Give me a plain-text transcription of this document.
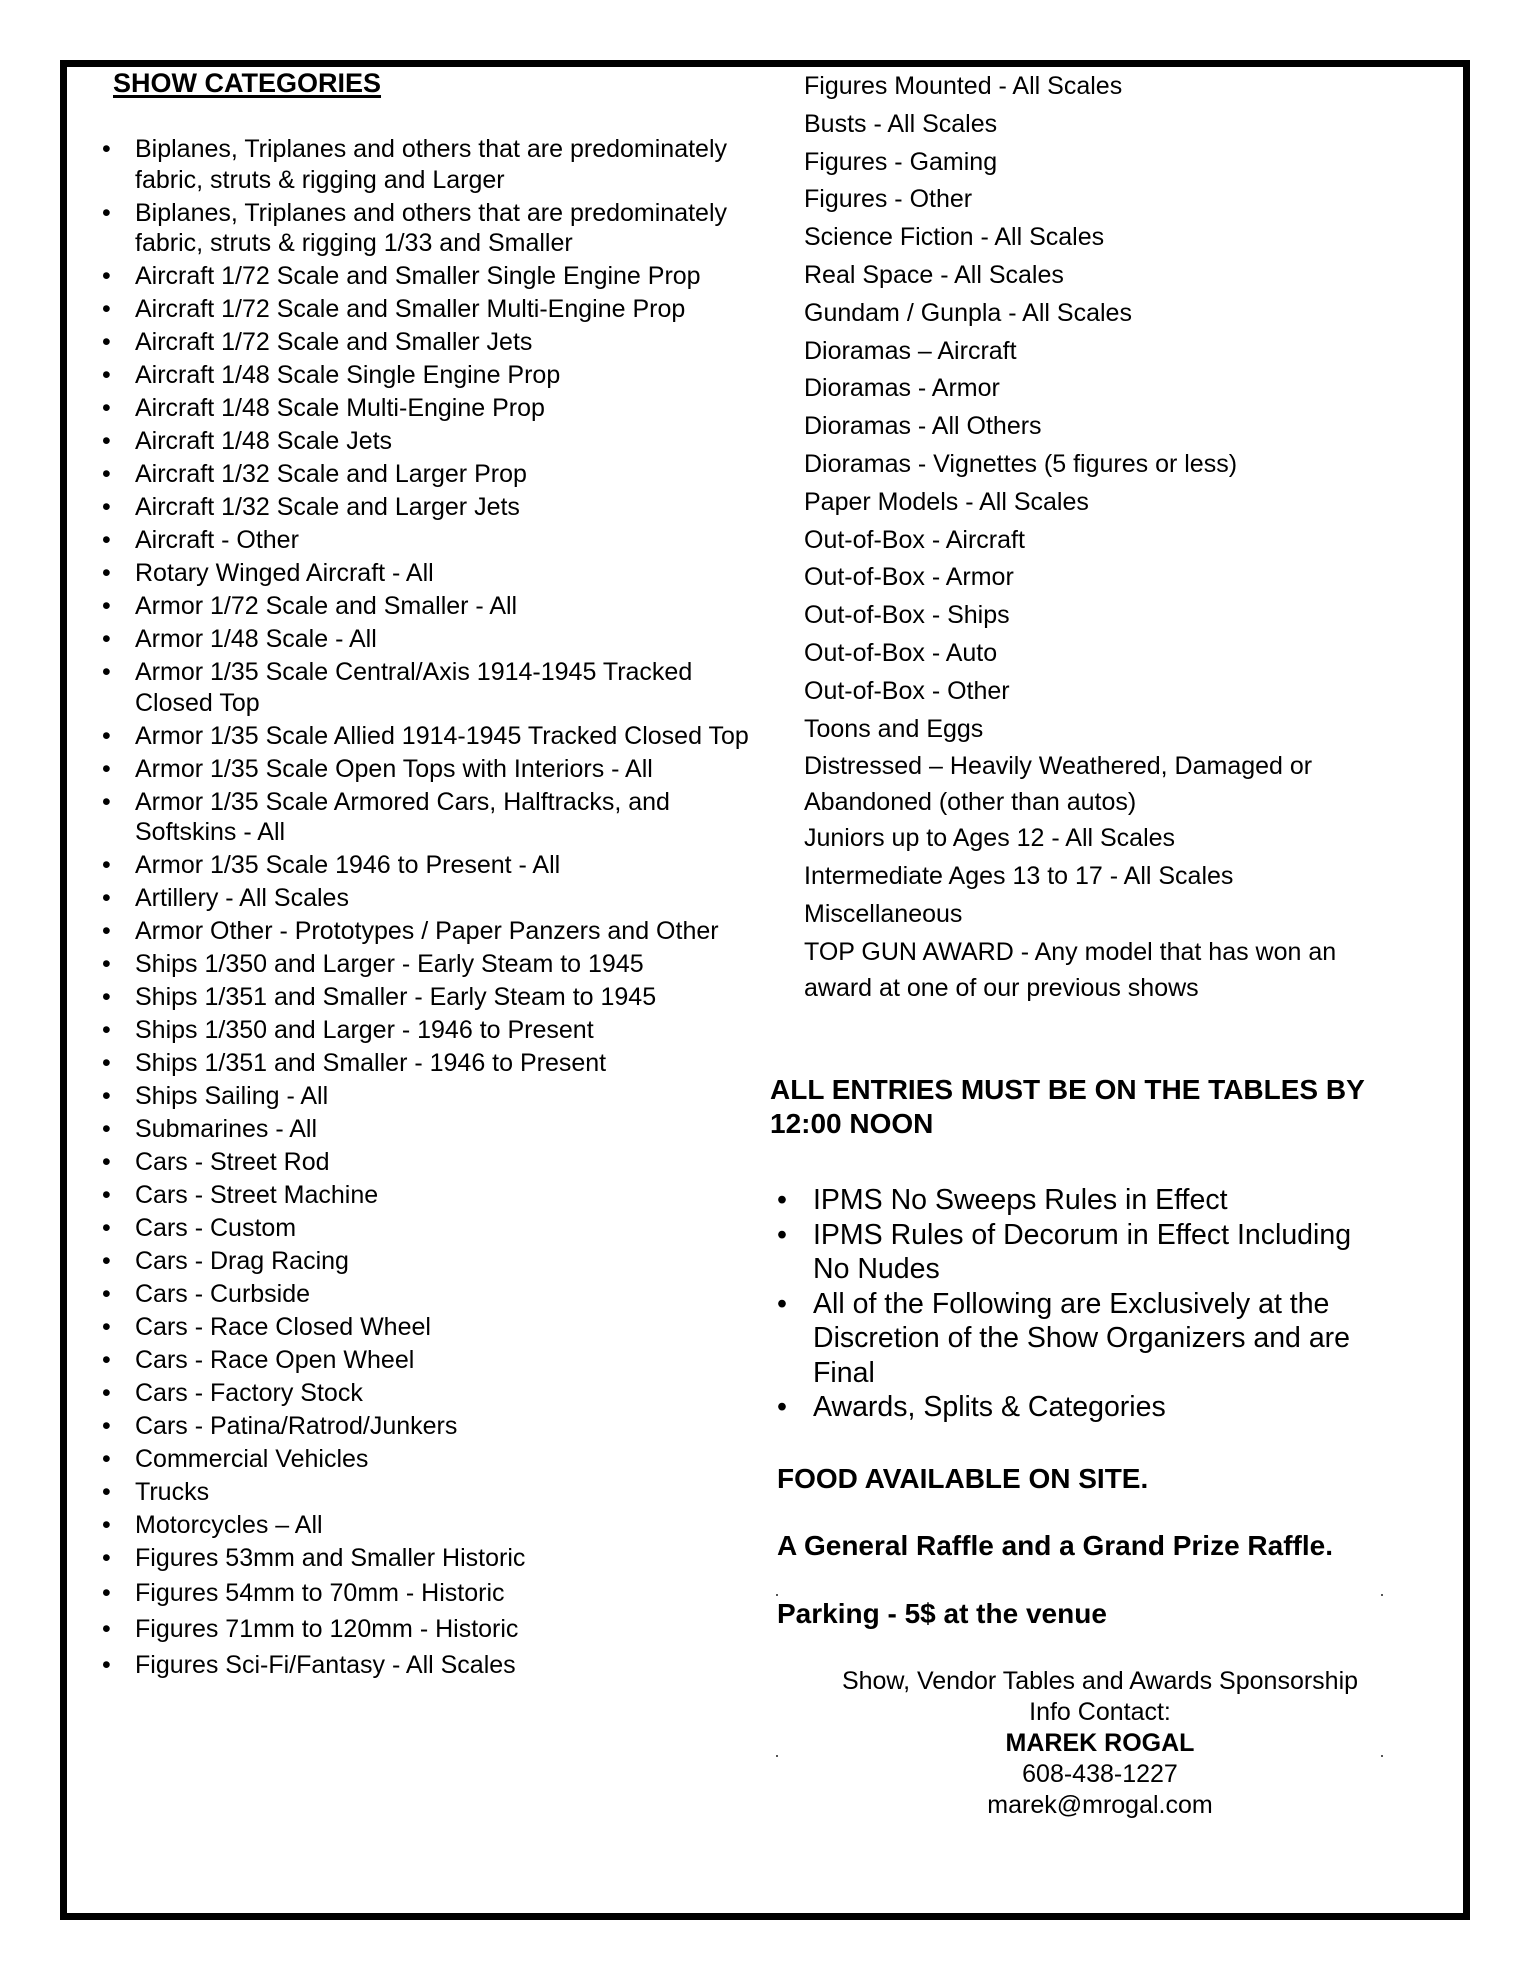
SHOW CATEGORIES
• Biplanes, Triplanes and others that are predominately fabric, struts & rigging and Larger
• Biplanes, Triplanes and others that are predominately fabric, struts & rigging 1/33 and Smaller
• Aircraft 1/72 Scale and Smaller Single Engine Prop
• Aircraft 1/72 Scale and Smaller Multi-Engine Prop
• Aircraft 1/72 Scale and Smaller Jets
• Aircraft 1/48 Scale Single Engine Prop
• Aircraft 1/48 Scale Multi-Engine Prop
• Aircraft 1/48 Scale Jets
• Aircraft 1/32 Scale and Larger Prop
• Aircraft 1/32 Scale and Larger Jets
• Aircraft - Other
• Rotary Winged Aircraft - All
• Armor 1/72 Scale and Smaller - All
• Armor 1/48 Scale - All
• Armor 1/35 Scale Central/Axis 1914-1945 Tracked Closed Top
• Armor 1/35 Scale Allied 1914-1945 Tracked Closed Top
• Armor 1/35 Scale Open Tops with Interiors - All
• Armor 1/35 Scale Armored Cars, Halftracks, and Softskins - All
• Armor 1/35 Scale 1946 to Present - All
• Artillery - All Scales
• Armor Other - Prototypes / Paper Panzers and Other
• Ships 1/350 and Larger - Early Steam to 1945
• Ships 1/351 and Smaller - Early Steam to 1945
• Ships 1/350 and Larger - 1946 to Present
• Ships 1/351 and Smaller - 1946 to Present
• Ships Sailing - All
• Submarines - All
• Cars - Street Rod
• Cars - Street Machine
• Cars - Custom
• Cars - Drag Racing
• Cars - Curbside
• Cars - Race Closed Wheel
• Cars - Race Open Wheel
• Cars - Factory Stock
• Cars - Patina/Ratrod/Junkers
• Commercial Vehicles
• Trucks
• Motorcycles – All
• Figures 53mm and Smaller Historic
• Figures 54mm to 70mm - Historic
• Figures 71mm to 120mm - Historic
• Figures Sci-Fi/Fantasy - All Scales
Figures Mounted - All Scales
Busts - All Scales
Figures - Gaming
Figures - Other
Science Fiction - All Scales
Real Space - All Scales
Gundam / Gunpla - All Scales
Dioramas – Aircraft
Dioramas - Armor
Dioramas - All Others
Dioramas - Vignettes (5 figures or less)
Paper Models - All Scales
Out-of-Box - Aircraft
Out-of-Box - Armor
Out-of-Box - Ships
Out-of-Box - Auto
Out-of-Box - Other
Toons and Eggs
Distressed – Heavily Weathered, Damaged or Abandoned (other than autos)
Juniors up to Ages 12 - All Scales
Intermediate Ages 13 to 17 - All Scales
Miscellaneous
TOP GUN AWARD - Any model that has won an award at one of our previous shows
ALL ENTRIES MUST BE ON THE TABLES BY 12:00 NOON
• IPMS No Sweeps Rules in Effect
• IPMS Rules of Decorum in Effect Including No Nudes
• All of the Following are Exclusively at the Discretion of the Show Organizers and are Final
• Awards, Splits & Categories
FOOD AVAILABLE ON SITE.
A General Raffle and a Grand Prize Raffle.
Parking - 5$ at the venue
Show, Vendor Tables and Awards Sponsorship
Info Contact:
MAREK ROGAL
608-438-1227
marek@mrogal.com
